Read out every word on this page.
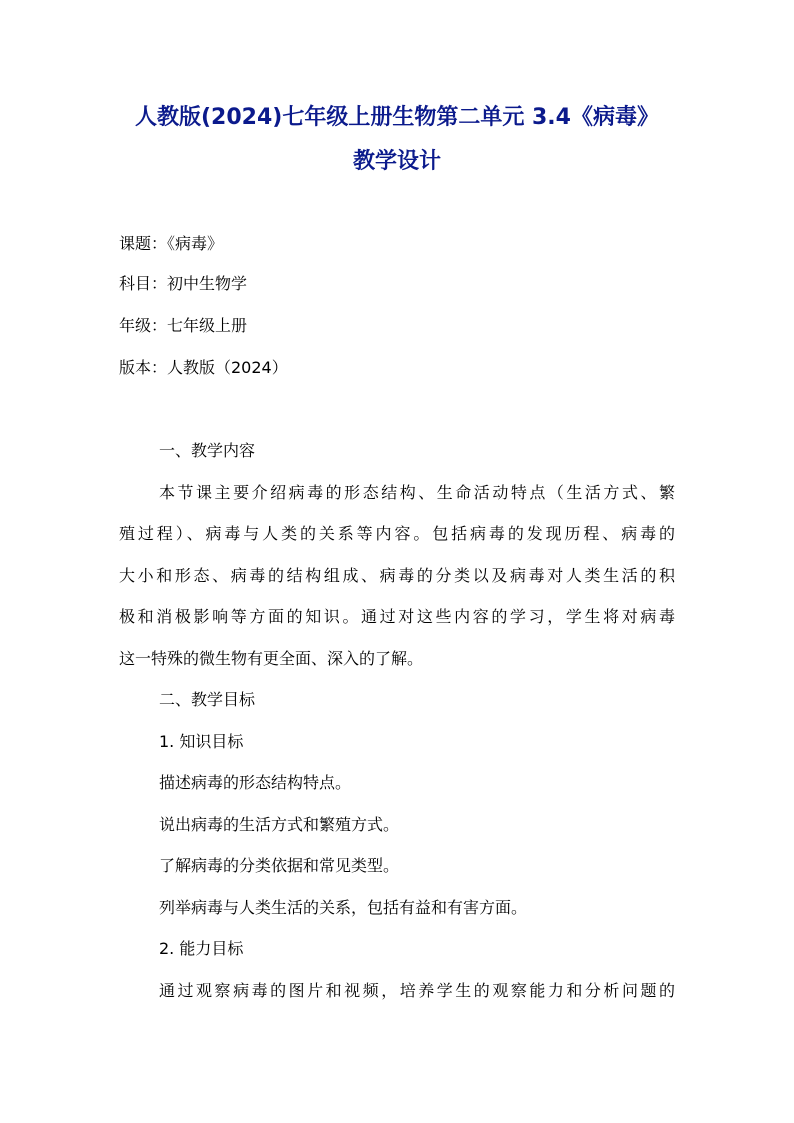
人教版(2024)七年级上册生物第二单元 3.4《病毒》
教学设计
课题：《病毒》
科目：初中生物学
年级：七年级上册
版本：人教版（2024）
一、教学内容
本节课主要介绍病毒的形态结构、生命活动特点（生活方式、繁
殖过程）、病毒与人类的关系等内容。包括病毒的发现历程、病毒的
大小和形态、病毒的结构组成、病毒的分类以及病毒对人类生活的积
极和消极影响等方面的知识。通过对这些内容的学习，学生将对病毒
这一特殊的微生物有更全面、深入的了解。
二、教学目标
1. 知识目标
描述病毒的形态结构特点。
说出病毒的生活方式和繁殖方式。
了解病毒的分类依据和常见类型。
列举病毒与人类生活的关系，包括有益和有害方面。
2. 能力目标
通过观察病毒的图片和视频，培养学生的观察能力和分析问题的
